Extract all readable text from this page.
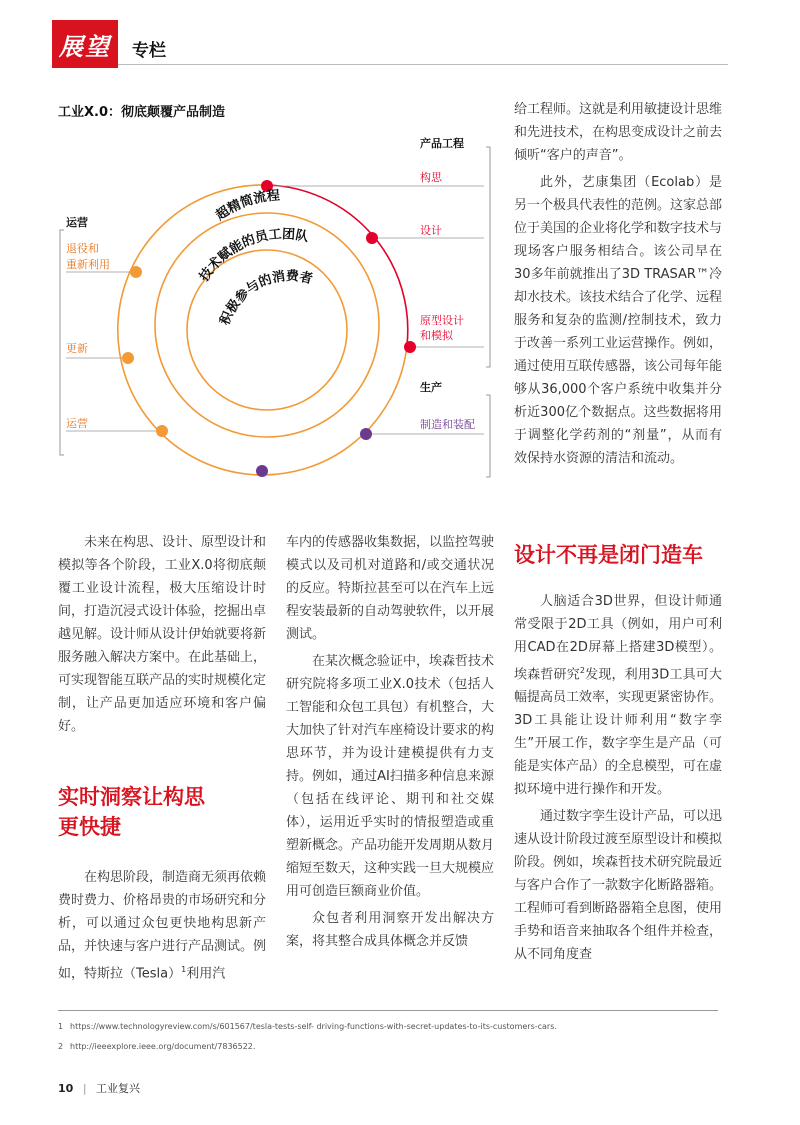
展望	专栏
工业X.0：彻底颠覆产品制造
超精简流程
技术赋能的员工团队
积极参与的消费者
运营
退役和
重新利用
更新
运营
产品工程
构思
设计
原型设计
和模拟
生产
制造和装配

给工程师。这就是利用敏捷设计思维和先进技术，在构思变成设计之前去倾听“客户的声音”。

此外，艺康集团（Ecolab）是另一个极具代表性的范例。这家总部位于美国的企业将化学和数字技术与现场客户服务相结合。该公司早在30多年前就推出了3D TRASAR™冷却水技术。该技术结合了化学、远程服务和复杂的监测/控制技术，致力于改善一系列工业运营操作。例如，通过使用互联传感器，该公司每年能够从36,000个客户系统中收集并分析近300亿个数据点。这些数据将用于调整化学药剂的“剂量”，从而有效保持水资源的清洁和流动。

未来在构思、设计、原型设计和模拟等各个阶段，工业X.0将彻底颠覆工业设计流程，极大压缩设计时间，打造沉浸式设计体验，挖掘出卓越见解。设计师从设计伊始就要将新服务融入解决方案中。在此基础上，可实现智能互联产品的实时规模化定制，让产品更加适应环境和客户偏好。

实时洞察让构思
更快捷

在构思阶段，制造商无须再依赖费时费力、价格昂贵的市场研究和分析，可以通过众包更快地构思新产品，并快速与客户进行产品测试。例如，特斯拉（Tesla）$^1$利用汽

车内的传感器收集数据，以监控驾驶模式以及司机对道路和/或交通状况的反应。特斯拉甚至可以在汽车上远程安装最新的自动驾驶软件，以开展测试。

在某次概念验证中，埃森哲技术研究院将多项工业X.0技术（包括人工智能和众包工具包）有机整合，大大加快了针对汽车座椅设计要求的构思环节，并为设计建模提供有力支持。例如，通过AI扫描多种信息来源（包括在线评论、期刊和社交媒体），运用近乎实时的情报塑造或重塑新概念。产品功能开发周期从数月缩短至数天，这种实践一旦大规模应用可创造巨额商业价值。

众包者利用洞察开发出解决方案，将其整合成具体概念并反馈

设计不再是闭门造车

人脑适合3D世界，但设计师通常受限于2D工具（例如，用户可利用CAD在2D屏幕上搭建3D模型）。埃森哲研究$^2$发现，利用3D工具可大幅提高员工效率，实现更紧密协作。3D工具能让设计师利用“数字孪生”开展工作，数字孪生是产品（可能是实体产品）的全息模型，可在虚拟环境中进行操作和开发。

通过数字孪生设计产品，可以迅速从设计阶段过渡至原型设计和模拟阶段。例如，埃森哲技术研究院最近与客户合作了一款数字化断路器箱。工程师可看到断路器箱全息图，使用手势和语音来抽取各个组件并检查，从不同角度查

1 https://www.technologyreview.com/s/601567/tesla-tests-self- driving-functions-with-secret-updates-to-its-customers-cars.
2 http://ieeexplore.ieee.org/document/7836522.
10 | 工业复兴
